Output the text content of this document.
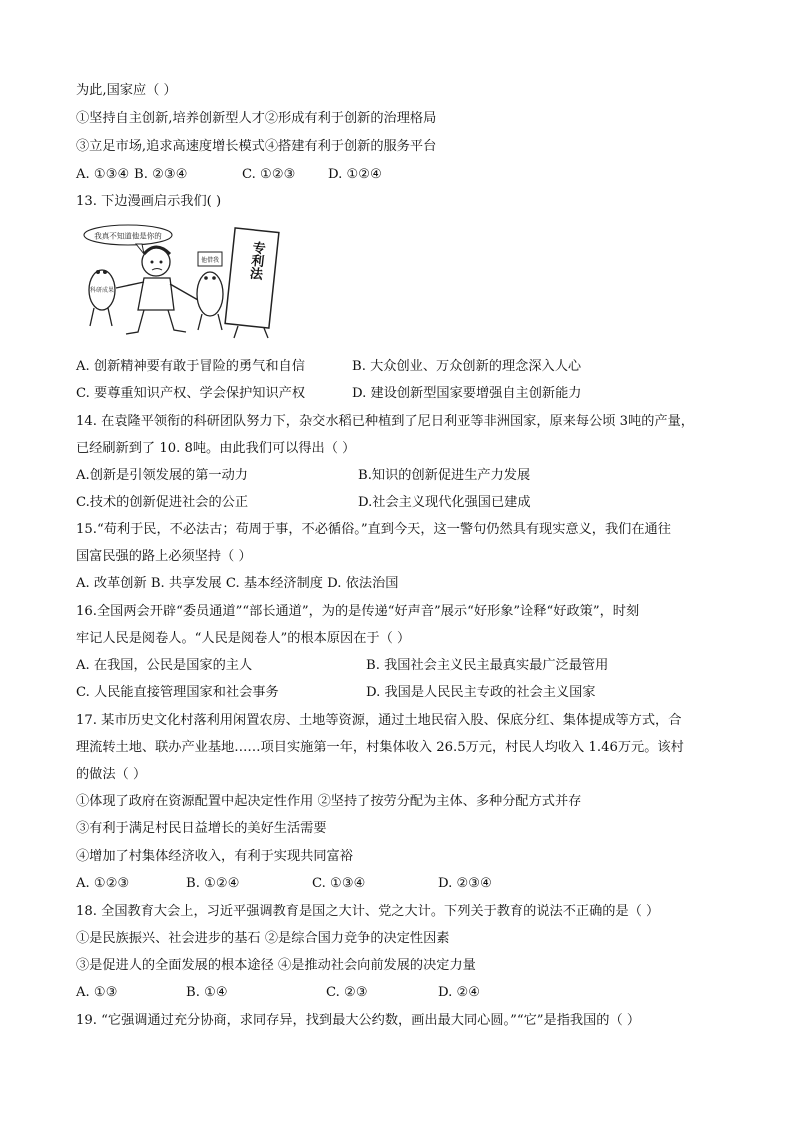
为此,国家应（ ）
①坚持自主创新,培养创新型人才②形成有利于创新的治理格局
③立足市场,追求高速度增长模式④搭建有利于创新的服务平台
A. ①③④ B. ②③④	C. ①②③ D. ①②④
13. 下边漫画启示我们( )
我真不知道他是你的
科研成果
他借我 专利法
A. 创新精神要有敢于冒险的勇气和自信	B. 大众创业、万众创新的理念深入人心
C. 要尊重知识产权、学会保护知识产权	D. 建设创新型国家要增强自主创新能力
14. 在袁隆平领衔的科研团队努力下，杂交水稻已种植到了尼日利亚等非洲国家，原来每公顷 3吨的产量，
已经刷新到了 10. 8吨。由此我们可以得出（ ）
A.创新是引领发展的第一动力	B.知识的创新促进生产力发展
C.技术的创新促进社会的公正	D.社会主义现代化强国已建成
15.“苟利于民，不必法古；苟周于事，不必循俗。”直到今天，这一警句仍然具有现实意义，我们在通往
国富民强的路上必须坚持（ ）
A. 改革创新 B. 共享发展 C. 基本经济制度 D. 依法治国
16.全国两会开辟“委员通道”“部长通道”，为的是传递“好声音”展示“好形象”诠释“好政策”，时刻
牢记人民是阅卷人。“人民是阅卷人”的根本原因在于（ ）
A. 在我国，公民是国家的主人	B. 我国社会主义民主最真实最广泛最管用
C. 人民能直接管理国家和社会事务	D. 我国是人民民主专政的社会主义国家
17. 某市历史文化村落利用闲置农房、土地等资源，通过土地民宿入股、保底分红、集体提成等方式，合
理流转土地、联办产业基地……项目实施第一年，村集体收入 26.5万元，村民人均收入 1.46万元。该村
的做法（ ）
①体现了政府在资源配置中起决定性作用 ②坚持了按劳分配为主体、多种分配方式并存
③有利于满足村民日益增长的美好生活需要
④增加了村集体经济收入，有利于实现共同富裕
A. ①②③	B. ①②④	C. ①③④	D. ②③④
18. 全国教育大会上，习近平强调教育是国之大计、党之大计。下列关于教育的说法不正确的是（ ）
①是民族振兴、社会进步的基石 ②是综合国力竞争的决定性因素
③是促进人的全面发展的根本途径 ④是推动社会向前发展的决定力量
A. ①③	B. ①④	C. ②③	D. ②④
19. “它强调通过充分协商，求同存异，找到最大公约数，画出最大同心圆。”“它”是指我国的（ ）
